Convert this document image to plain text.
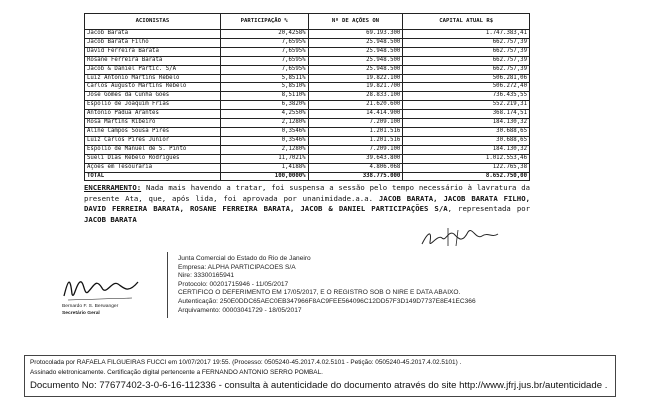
ACIONISTAS	PARTICIPAÇÃO %	Nº DE AÇÕES ON	CAPITAL ATUAL R$
Jacob Barata	20,4258%	69.193.300	1.747.383,41
Jacob Barata Filho	7,6595%	25.948.500	662.757,39
David Ferreira Barata	7,6595%	25.948.500	662.757,39
Rosane Ferreira Barata	7,6595%	25.948.500	662.757,39
Jacob & Daniel Partic. S/A	7,6595%	25.948.500	662.757,39
Luiz Antônio Martins Rebelo	5,8511%	19.822.100	506.281,06
Carlos Augusto Martins Rebelo	5,8510%	19.821.700	506.272,40
José Gomes da Cunha Góes	8,5110%	28.833.100	736.435,55
Espólio de Joaquim Frias	6,3820%	21.620.600	552.219,31
Antonio Pádua Arantes	4,2550%	14.414.900	368.174,51
Rosa Martins Ribeiro	2,1280%	7.209.100	184.130,32
Aline Campos Sousa Pires	0,3546%	1.201.516	30.688,65
Luiz Carlos Pires Junior	0,3546%	1.201.516	30.688,65
Espólio de Manuel de S. Pinto	2,1280%	7.209.100	184.130,32
Sueli Dias Rebelo Rodrigues	11,7021%	39.643.800	1.012.553,46
Ações em Tesouraria	1,4188%	4.806.068	122.765,38
TOTAL	100,0000%	338.775.000	8.652.750,00
ENCERRAMENTO: Nada mais havendo a tratar, foi suspensa a sessão pelo tempo necessário à lavratura da presente Ata, que, após lida, foi aprovada por unanimidade.a.a. JACOB BARATA, JACOB BARATA FILHO, DAVID FERREIRA BARATA, ROSANE FERREIRA BARATA, JACOB & DANIEL PARTICIPAÇÕES S/A, representada por JACOB BARATA
Bernardo F. S. Berwanger
Secretário Geral
Junta Comercial do Estado do Rio de Janeiro
Empresa: ALPHA PARTICIPACOES S/A
Nire: 33300165941
Protocolo: 00201715946 - 11/05/2017
CERTIFICO O DEFERIMENTO EM 17/05/2017, E O REGISTRO SOB O NIRE E DATA ABAIXO.
Autenticação: 250E0DDC65AEC0EB347966F8AC9FEE564096C12DD57F3D149D7737E8E41EC366
Arquivamento: 00003041729 - 18/05/2017
Protocolada por RAFAELA FILGUEIRAS FUCCI em 10/07/2017 19:55. (Processo: 0505240-45.2017.4.02.5101 - Petição: 0505240-45.2017.4.02.5101) .
Assinado eletronicamente. Certificação digital pertencente a FERNANDO ANTONIO SERRO POMBAL.
Documento No: 77677402-3-0-6-16-112336 - consulta à autenticidade do documento através do site http://www.jfrj.jus.br/autenticidade .
